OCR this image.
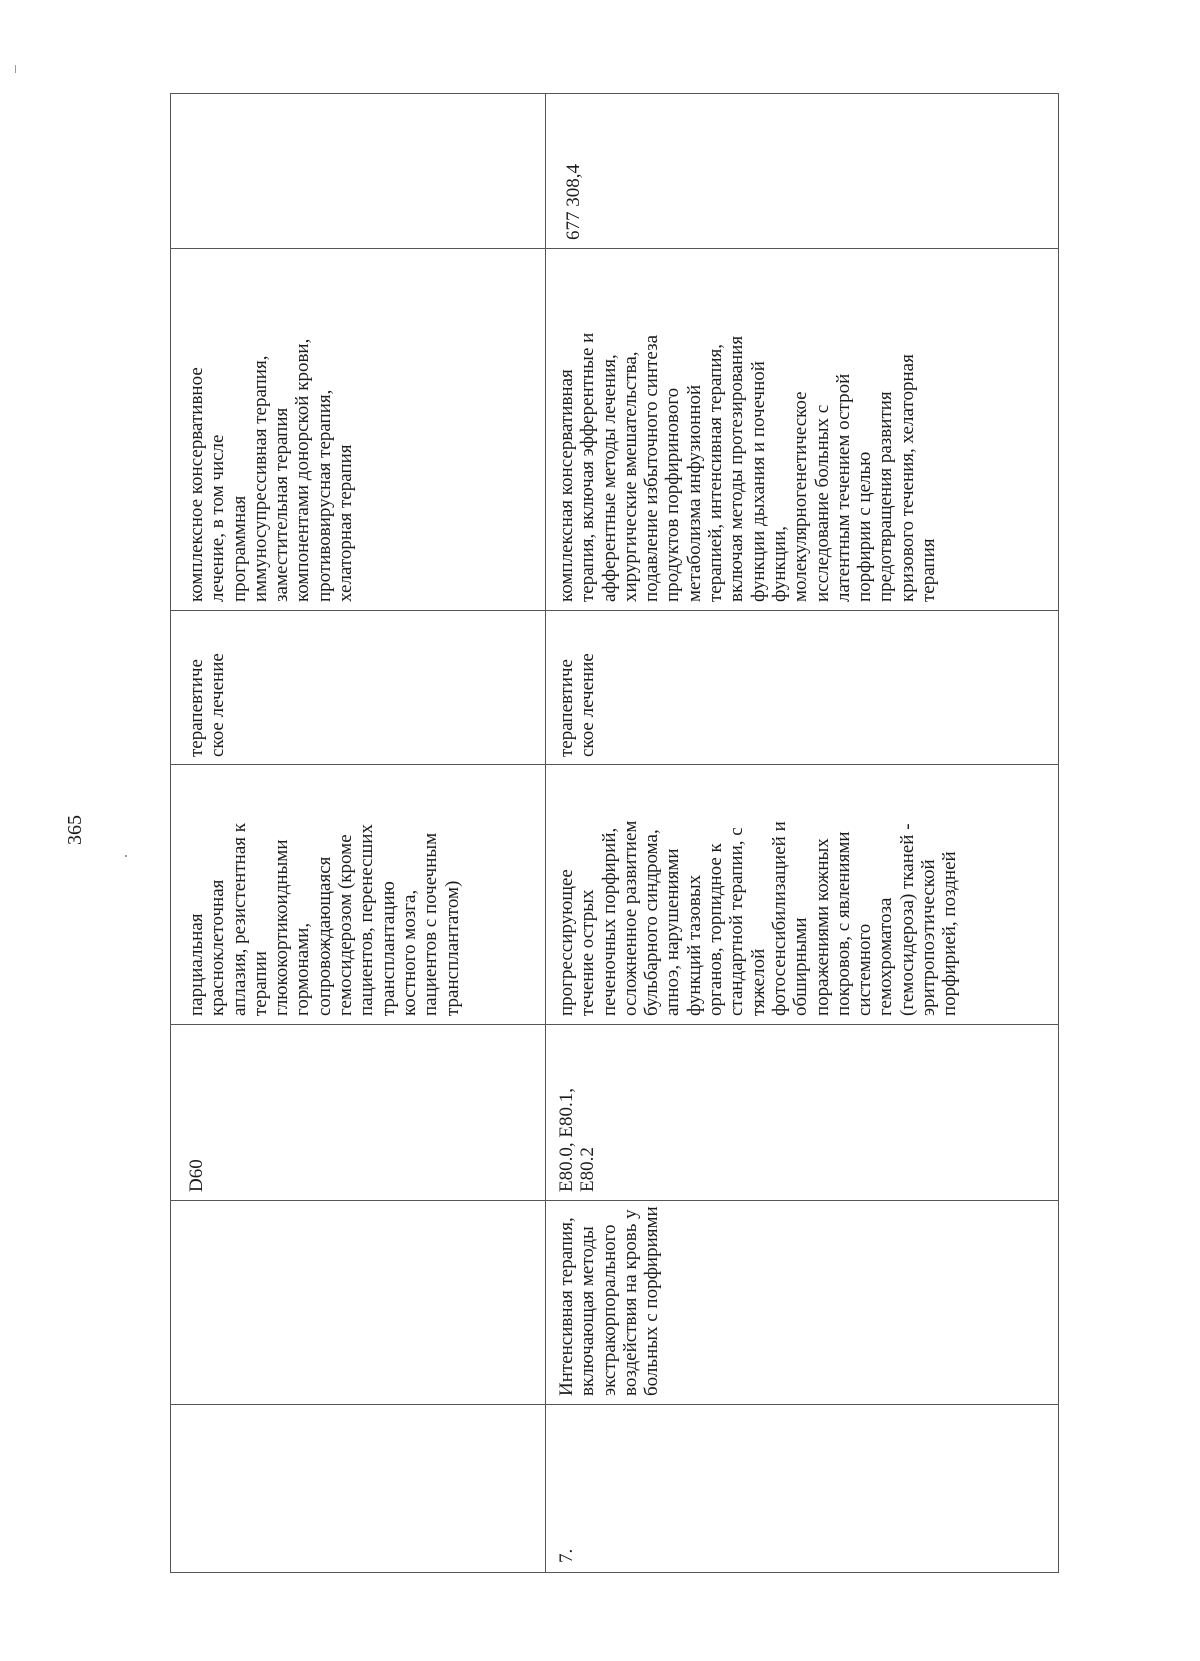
365
D60
парциальная
красноклеточная
аплазия, резистентная к
терапии
глюкокортикоидными
гормонами,
сопровождающаяся
гемосидерозом (кроме
пациентов, перенесших
трансплантацию
костного мозга,
пациентов с почечным
трансплантатом)
терапевтиче
ское лечение
комплексное консервативное
лечение, в том числе
программная
иммуносупрессивная терапия,
заместительная терапия
компонентами донорской крови,
противовирусная терапия,
хелаторная терапия
7.
Интенсивная терапия,
включающая методы
экстракорпорального
воздействия на кровь у
больных с порфириями
E80.0, E80.1,
E80.2
прогрессирующее
течение острых
печеночных порфирий,
осложненное развитием
бульбарного синдрома,
апноэ, нарушениями
функций тазовых
органов, торпидное к
стандартной терапии, с
тяжелой
фотосенсибилизацией и
обширными
поражениями кожных
покровов, с явлениями
системного
гемохроматоза
(гемосидероза) тканей -
эритропоэтической
порфирией, поздней
терапевтиче
ское лечение
комплексная консервативная
терапия, включая эфферентные и
афферентные методы лечения,
хирургические вмешательства,
подавление избыточного синтеза
продуктов порфиринового
метаболизма инфузионной
терапией, интенсивная терапия,
включая методы протезирования
функции дыхания и почечной
функции,
молекулярногенетическое
исследование больных с
латентным течением острой
порфирии с целью
предотвращения развития
кризового течения, хелаторная
терапия
677 308,4
